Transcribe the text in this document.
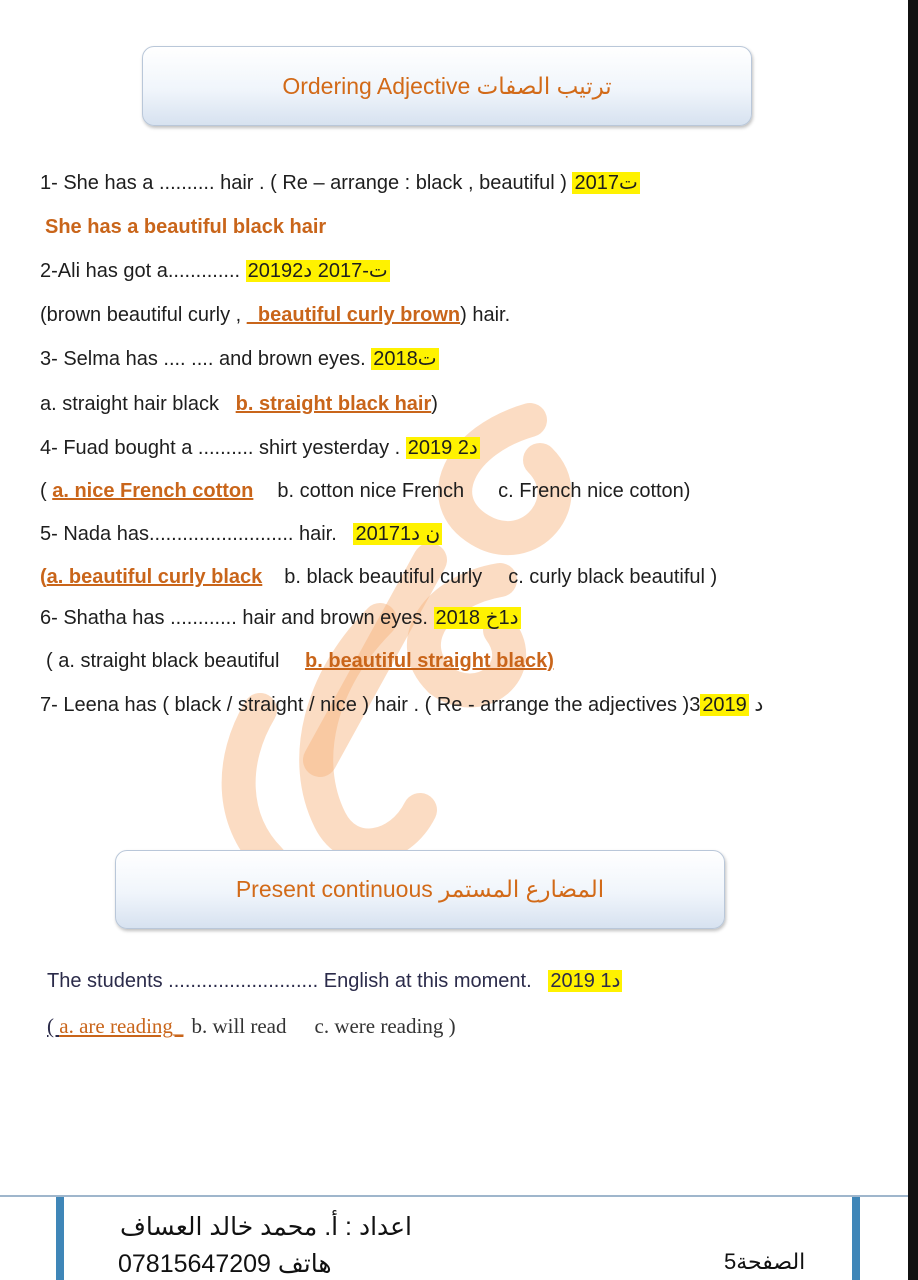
Ordering Adjective ترتيب الصفات
1- She has a .......... hair . ( Re – arrange : black , beautiful ) 2017ت
She has a beautiful black hair
2-Ali has got a............. 2019ت-2017 د2
(brown beautiful curly , _beautiful curly brown) hair.
3- Selma has .... .... and brown eyes. 2018ت
a. straight hair black   b. straight black hair)
4- Fuad bought a .......... shirt yesterday . 2019 د2
( a. nice French cotton b. cotton nice French c. French nice cotton)
5- Nada has.......................... hair.   2017ن د1
(a. beautiful curly black b. black beautiful curly c. curly black beautiful )
6- Shatha has ............ hair and brown eyes. 2018 د1خ
( a. straight black beautiful b. beautiful straight black)
7- Leena has ( black / straight / nice ) hair . ( Re - arrange the adjectives )3د 2019
Present continuous المضارع المستمر
The students ........................... English at this moment.   2019 د1
( a. are reading_ b. will read c. were reading )
اعداد : أ. محمد خالد العساف
هاتف 07815647209	الصفحة5
